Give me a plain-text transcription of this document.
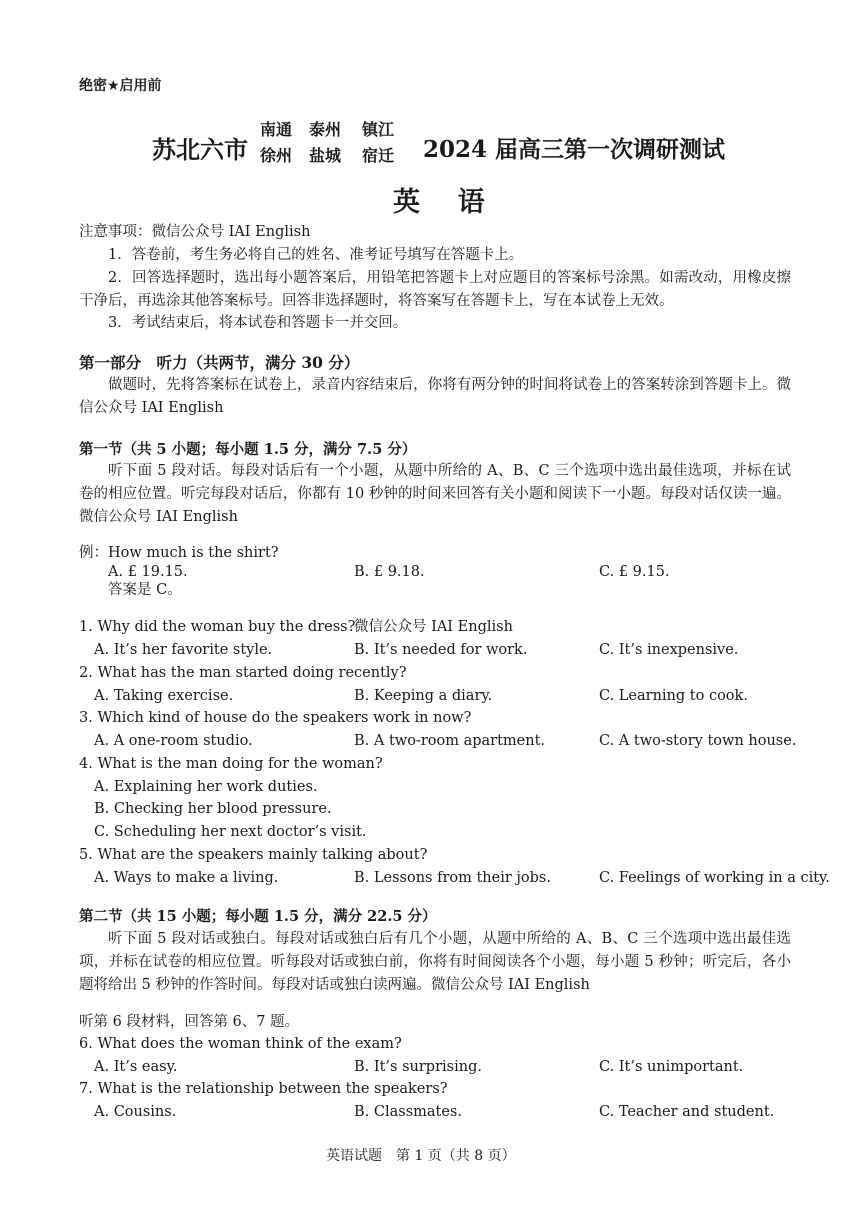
绝密★启用前
苏北六市
南通 泰州 镇江
徐州 盐城 宿迁 2024 届高三第一次调研测试
英    语
注意事项：微信公众号 IAI English
1．答卷前，考生务必将自己的姓名、准考证号填写在答题卡上。
2．回答选择题时，选出每小题答案后，用铅笔把答题卡上对应题目的答案标号涂黑。如需改动，用橡皮擦干净后，再选涂其他答案标号。回答非选择题时，将答案写在答题卡上，写在本试卷上无效。
3．考试结束后，将本试卷和答题卡一并交回。
第一部分　听力（共两节，满分 30 分）
做题时，先将答案标在试卷上，录音内容结束后，你将有两分钟的时间将试卷上的答案转涂到答题卡上。微信公众号 IAI English
第一节（共 5 小题；每小题 1.5 分，满分 7.5 分）
听下面 5 段对话。每段对话后有一个小题，从题中所给的 A、B、C 三个选项中选出最佳选项，并标在试卷的相应位置。听完每段对话后，你都有 10 秒钟的时间来回答有关小题和阅读下一小题。每段对话仅读一遍。微信公众号 IAI English
例：How much is the shirt?
A. £ 19.15.	B. £ 9.18.	C. £ 9.15.
答案是 C。
1. Why did the woman buy the dress?
微信公众号 IAI English
A. It’s her favorite style.	B. It’s needed for work.	C. It’s inexpensive.
2. What has the man started doing recently?
A. Taking exercise.	B. Keeping a diary.	C. Learning to cook.
3. Which kind of house do the speakers work in now?
A. A one-room studio.	B. A two-room apartment.	C. A two-story town house.
4. What is the man doing for the woman?
A. Explaining her work duties.
B. Checking her blood pressure.
C. Scheduling her next doctor’s visit.
5. What are the speakers mainly talking about?
A. Ways to make a living.	B. Lessons from their jobs.	C. Feelings of working in a city.
第二节（共 15 小题；每小题 1.5 分，满分 22.5 分）
听下面 5 段对话或独白。每段对话或独白后有几个小题，从题中所给的 A、B、C 三个选项中选出最佳选项，并标在试卷的相应位置。听每段对话或独白前，你将有时间阅读各个小题，每小题 5 秒钟；听完后，各小题将给出 5 秒钟的作答时间。每段对话或独白读两遍。微信公众号 IAI English
听第 6 段材料，回答第 6、7 题。
6. What does the woman think of the exam?
A. It’s easy.	B. It’s surprising.	C. It’s unimportant.
7. What is the relationship between the speakers?
A. Cousins.	B. Classmates.	C. Teacher and student.
英语试题　第 1 页（共 8 页）
